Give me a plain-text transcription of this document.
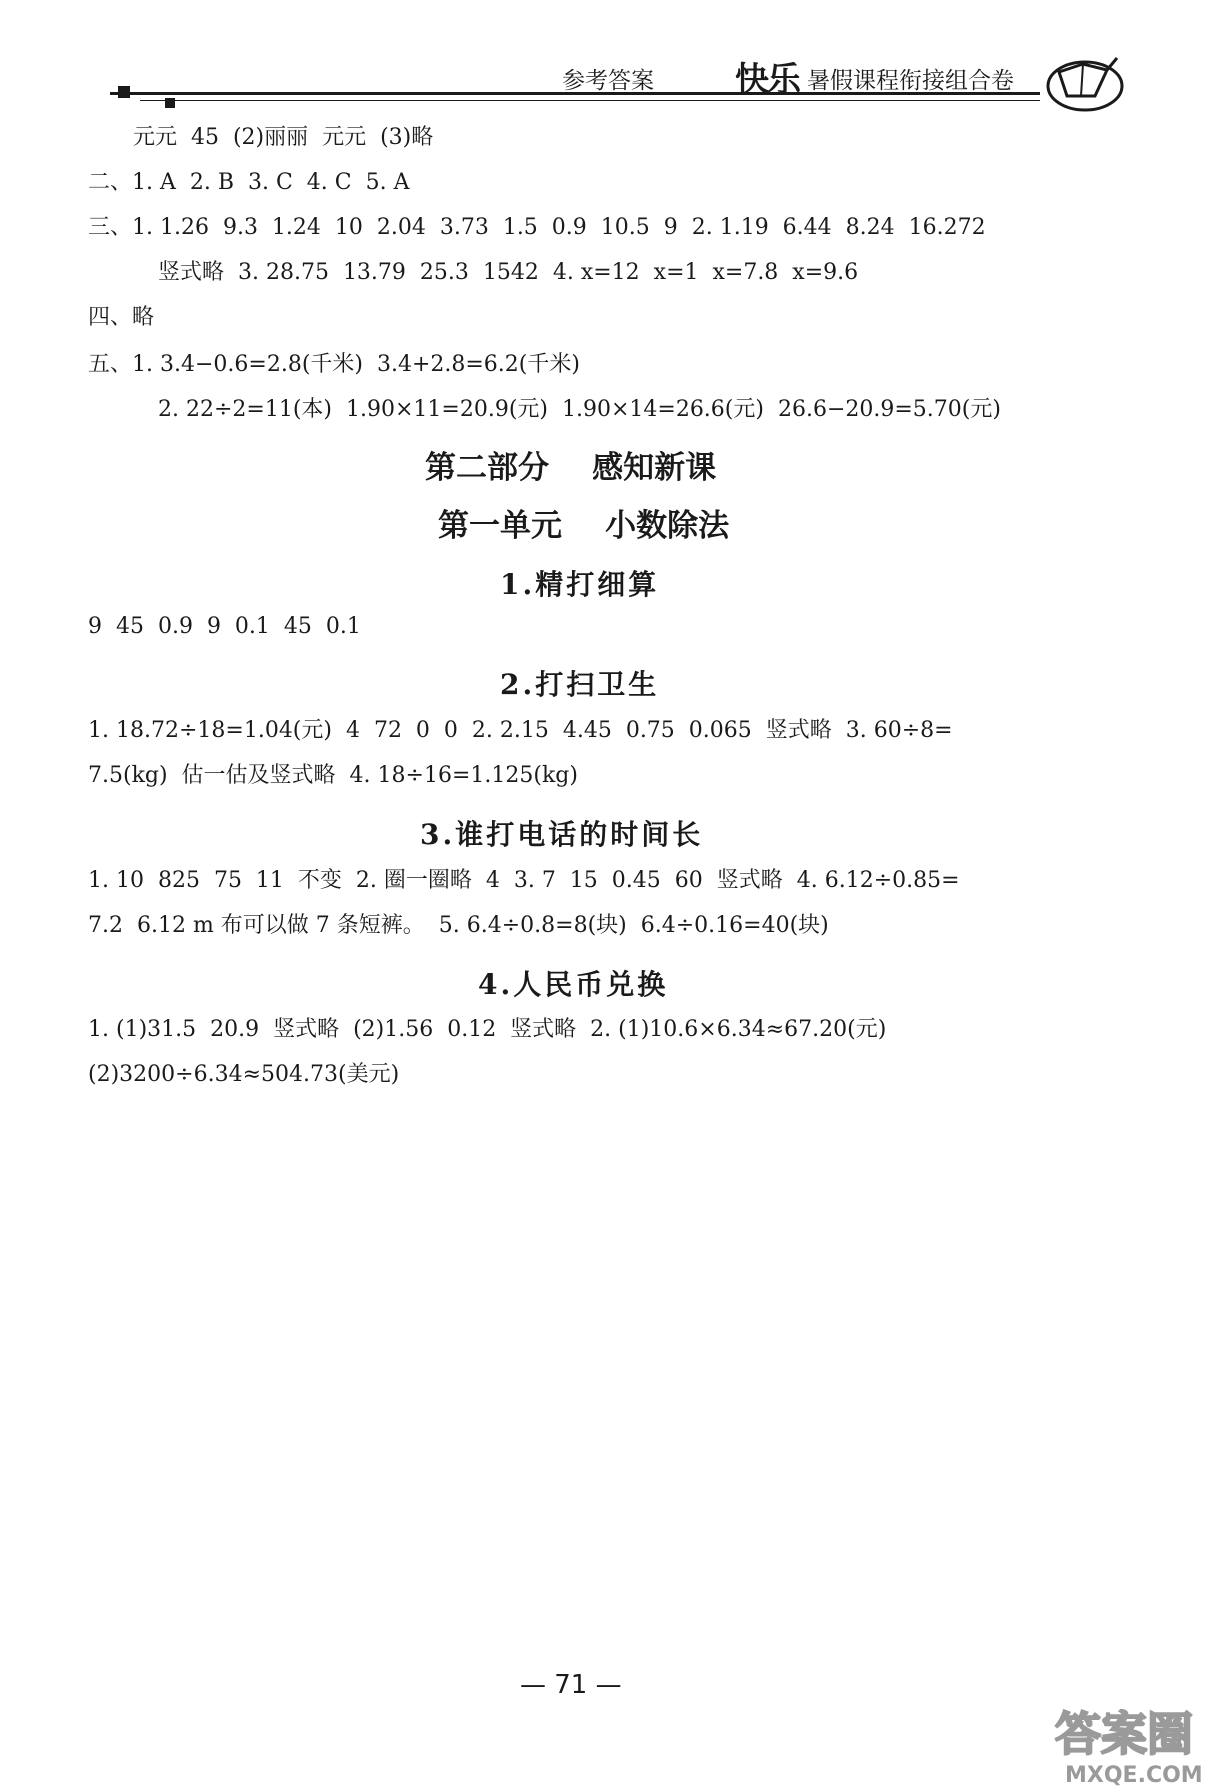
参考答案 快乐 暑假课程衔接组合卷
元元  45  (2)丽丽  元元  (3)略
二、1. A  2. B  3. C  4. C  5. A
三、1. 1.26  9.3  1.24  10  2.04  3.73  1.5  0.9  10.5  9  2. 1.19  6.44  8.24  16.272
竖式略  3. 28.75  13.79  25.3  1542  4. x=12  x=1  x=7.8  x=9.6
四、略
五、1. 3.4−0.6=2.8(千米)  3.4+2.8=6.2(千米)
2. 22÷2=11(本)  1.90×11=20.9(元)  1.90×14=26.6(元)  26.6−20.9=5.70(元)
第二部分    感知新课
第一单元    小数除法
1.精打细算
9  45  0.9  9  0.1  45  0.1
2.打扫卫生
1. 18.72÷18=1.04(元)  4  72  0  0  2. 2.15  4.45  0.75  0.065  竖式略  3. 60÷8=
7.5(kg)  估一估及竖式略  4. 18÷16=1.125(kg)
3.谁打电话的时间长
1. 10  825  75  11  不变  2. 圈一圈略  4  3. 7  15  0.45  60  竖式略  4. 6.12÷0.85=
7.2  6.12 m 布可以做 7 条短裤。  5. 6.4÷0.8=8(块)  6.4÷0.16=40(块)
4.人民币兑换
1. (1)31.5  20.9  竖式略  (2)1.56  0.12  竖式略  2. (1)10.6×6.34≈67.20(元)
(2)3200÷6.34≈504.73(美元)
— 71 —
答案圈
MXQE.COM
